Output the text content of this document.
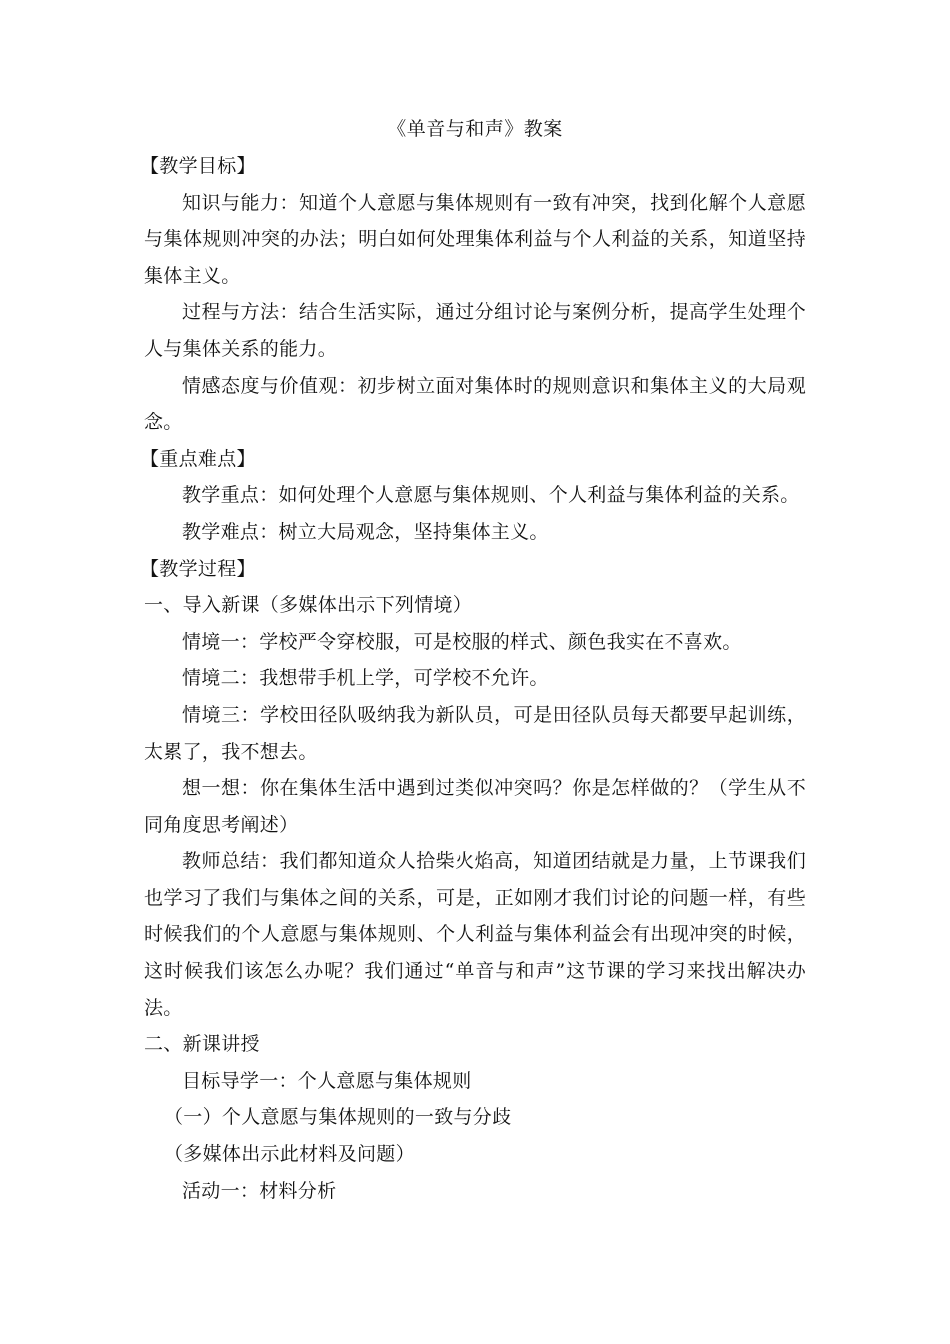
《单音与和声》教案

【教学目标】

知识与能力：知道个人意愿与集体规则有一致有冲突，找到化解个人意愿与集体规则冲突的办法；明白如何处理集体利益与个人利益的关系，知道坚持集体主义。

过程与方法：结合生活实际，通过分组讨论与案例分析，提高学生处理个人与集体关系的能力。

情感态度与价值观：初步树立面对集体时的规则意识和集体主义的大局观念。

【重点难点】

教学重点：如何处理个人意愿与集体规则、个人利益与集体利益的关系。

教学难点：树立大局观念，坚持集体主义。

【教学过程】

一、导入新课（多媒体出示下列情境）

情境一：学校严令穿校服，可是校服的样式、颜色我实在不喜欢。

情境二：我想带手机上学，可学校不允许。

情境三：学校田径队吸纳我为新队员，可是田径队员每天都要早起训练，太累了，我不想去。

想一想：你在集体生活中遇到过类似冲突吗？你是怎样做的？（学生从不同角度思考阐述）

教师总结：我们都知道众人拾柴火焰高，知道团结就是力量，上节课我们也学习了我们与集体之间的关系，可是，正如刚才我们讨论的问题一样，有些时候我们的个人意愿与集体规则、个人利益与集体利益会有出现冲突的时候，这时候我们该怎么办呢？我们通过“单音与和声”这节课的学习来找出解决办法。

二、新课讲授

目标导学一：个人意愿与集体规则

（一）个人意愿与集体规则的一致与分歧

（多媒体出示此材料及问题）

活动一：材料分析
